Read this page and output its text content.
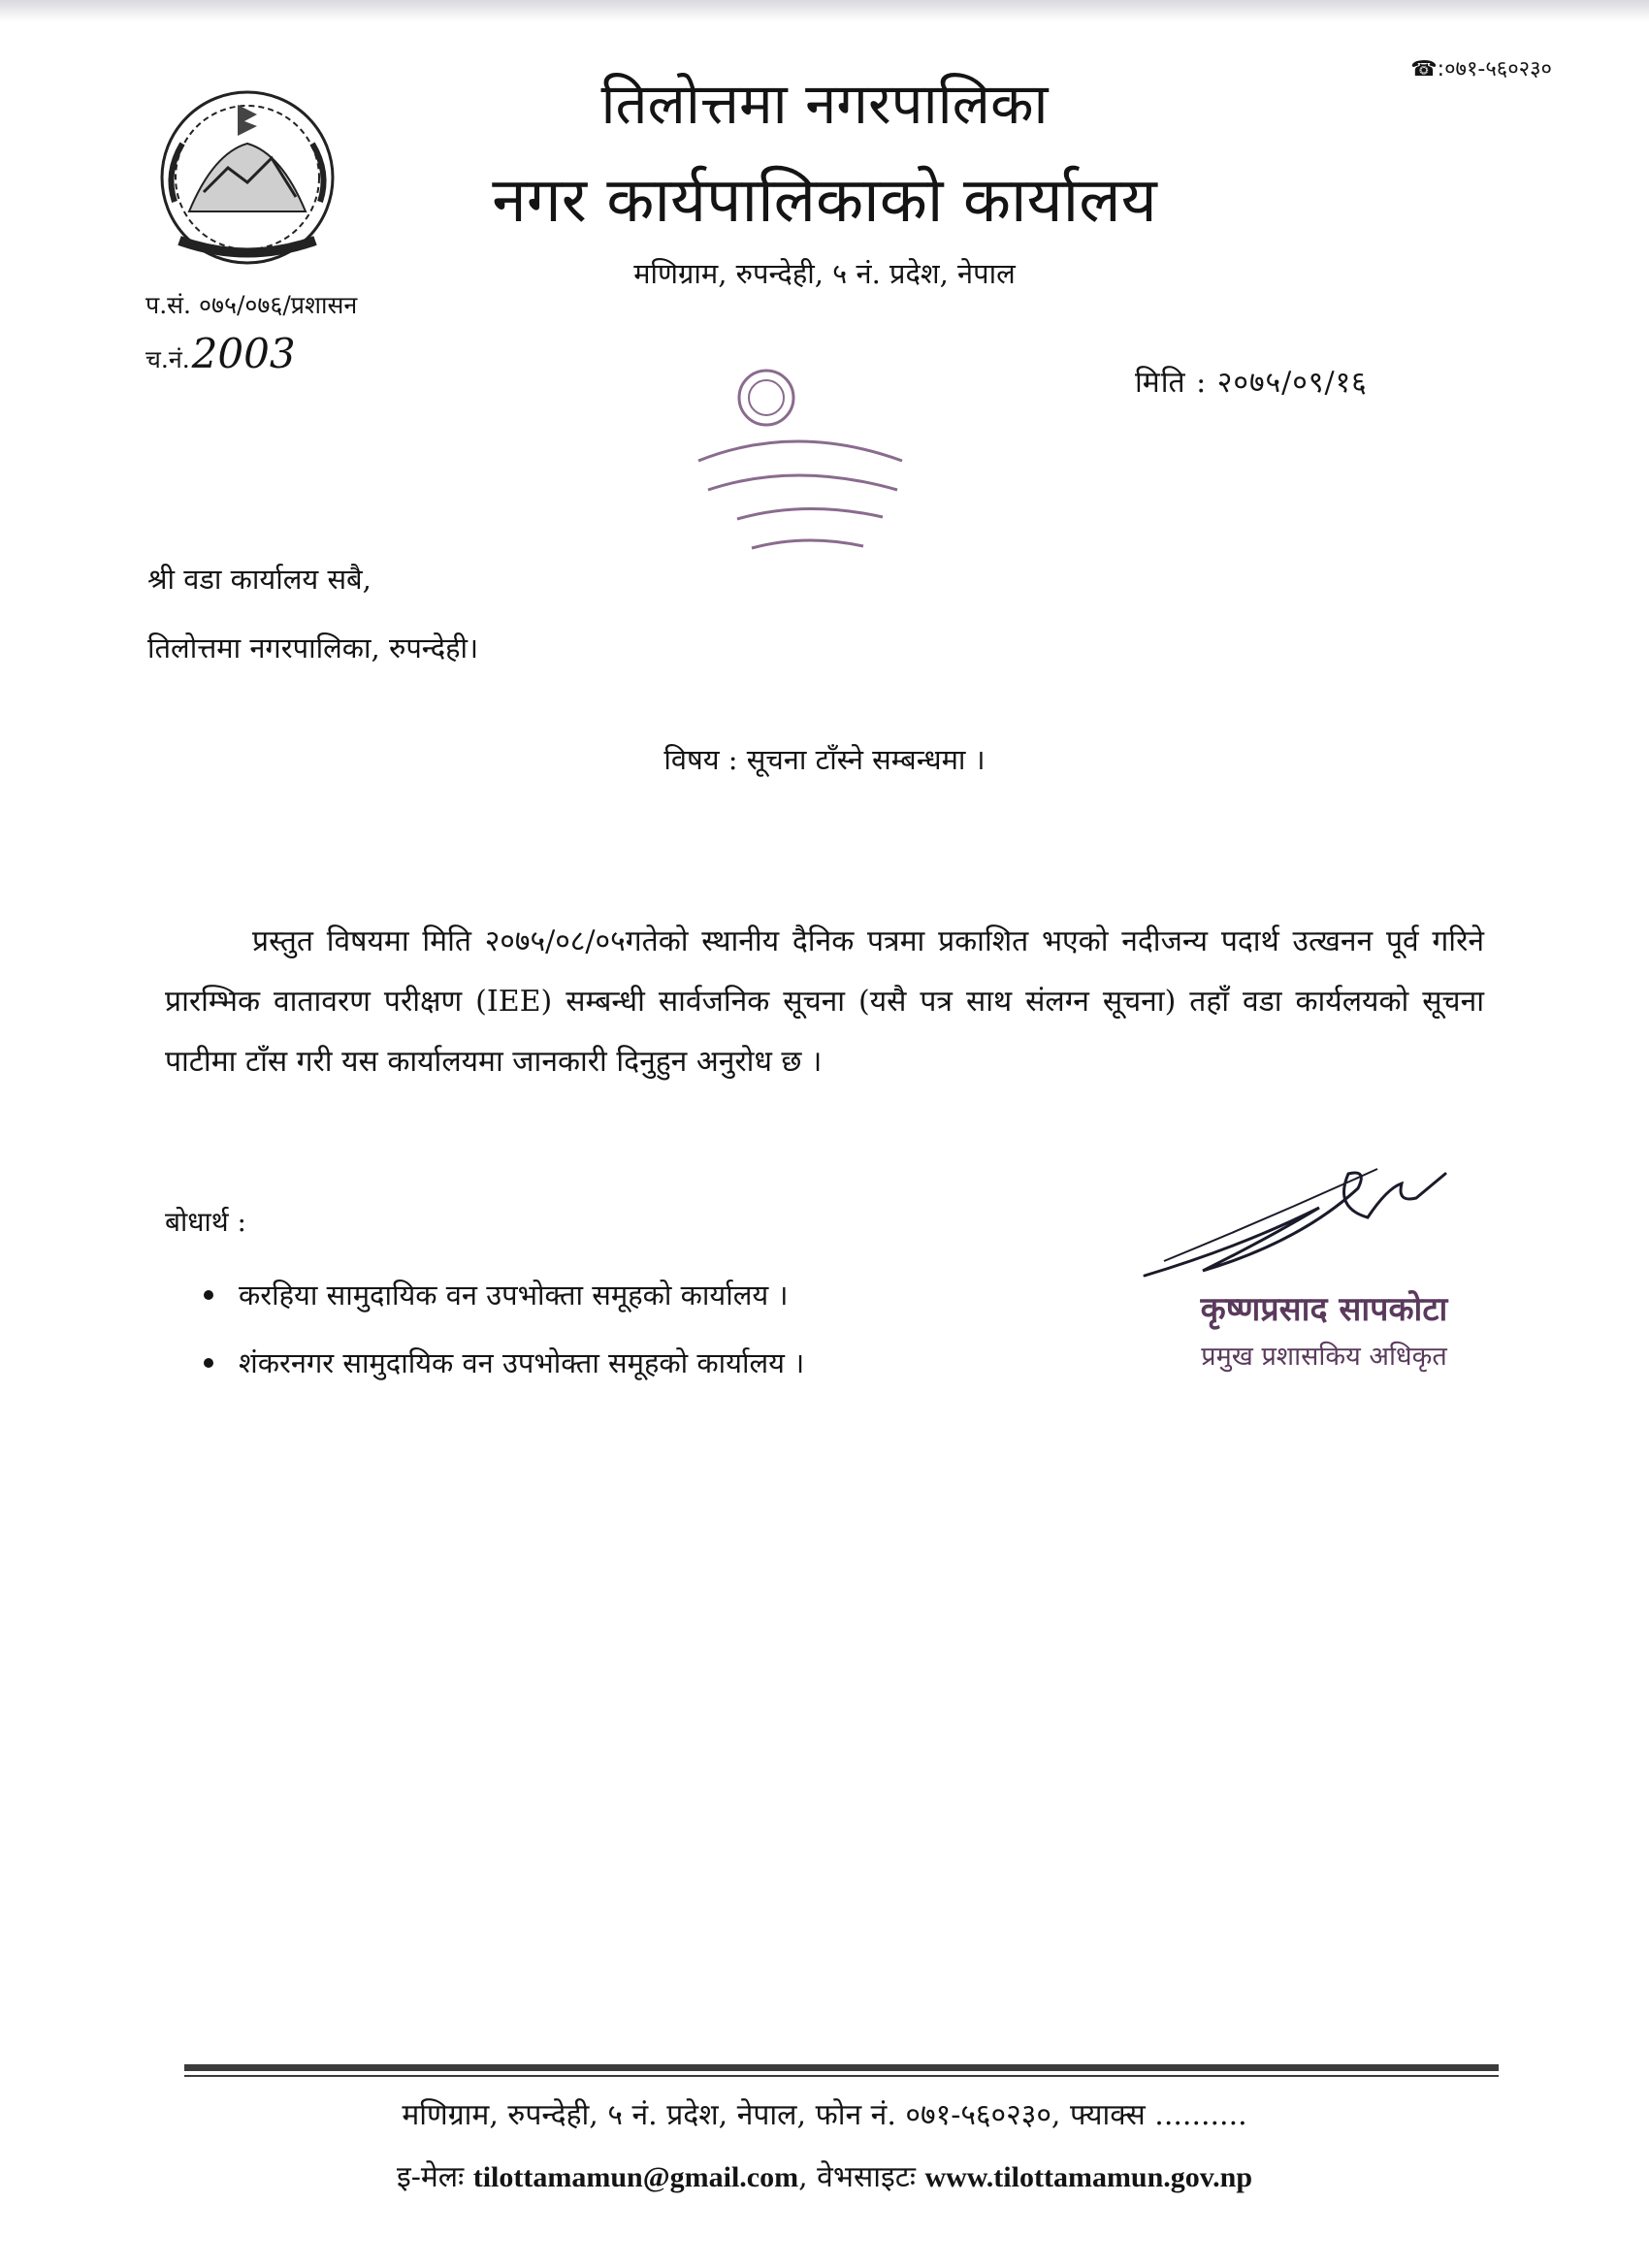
☎:०७१-५६०२३०
तिलोत्तमा नगरपालिका
नगर कार्यपालिकाको कार्यालय
मणिग्राम, रुपन्देही, ५ नं. प्रदेश, नेपाल
प.सं. ०७५/०७६/प्रशासन
च.नं.2003
मिति : २०७५/०९/१६
श्री वडा कार्यालय सबै,
तिलोत्तमा नगरपालिका, रुपन्देही।
विषय : सूचना टाँस्ने सम्बन्धमा ।
प्रस्तुत विषयमा मिति २०७५/०८/०५गतेको स्थानीय दैनिक पत्रमा प्रकाशित भएको नदीजन्य पदार्थ उत्खनन पूर्व गरिने प्रारम्भिक वातावरण परीक्षण (IEE) सम्बन्धी सार्वजनिक सूचना (यसै पत्र साथ संलग्न सूचना) तहाँ वडा कार्यलयको सूचना पाटीमा टाँस गरी यस कार्यालयमा जानकारी दिनुहुन अनुरोध छ ।
बोधार्थ :
करहिया सामुदायिक वन उपभोक्ता समूहको कार्यालय ।
शंकरनगर सामुदायिक वन उपभोक्ता समूहको कार्यालय ।
कृष्णप्रसाद सापकोटा
प्रमुख प्रशासकिय अधिकृत
मणिग्राम, रुपन्देही, ५ नं. प्रदेश, नेपाल, फोन नं. ०७१-५६०२३०, फ्याक्स ..........
इ-मेलः tilottamamun@gmail.com, वेभसाइटः www.tilottamamun.gov.np
